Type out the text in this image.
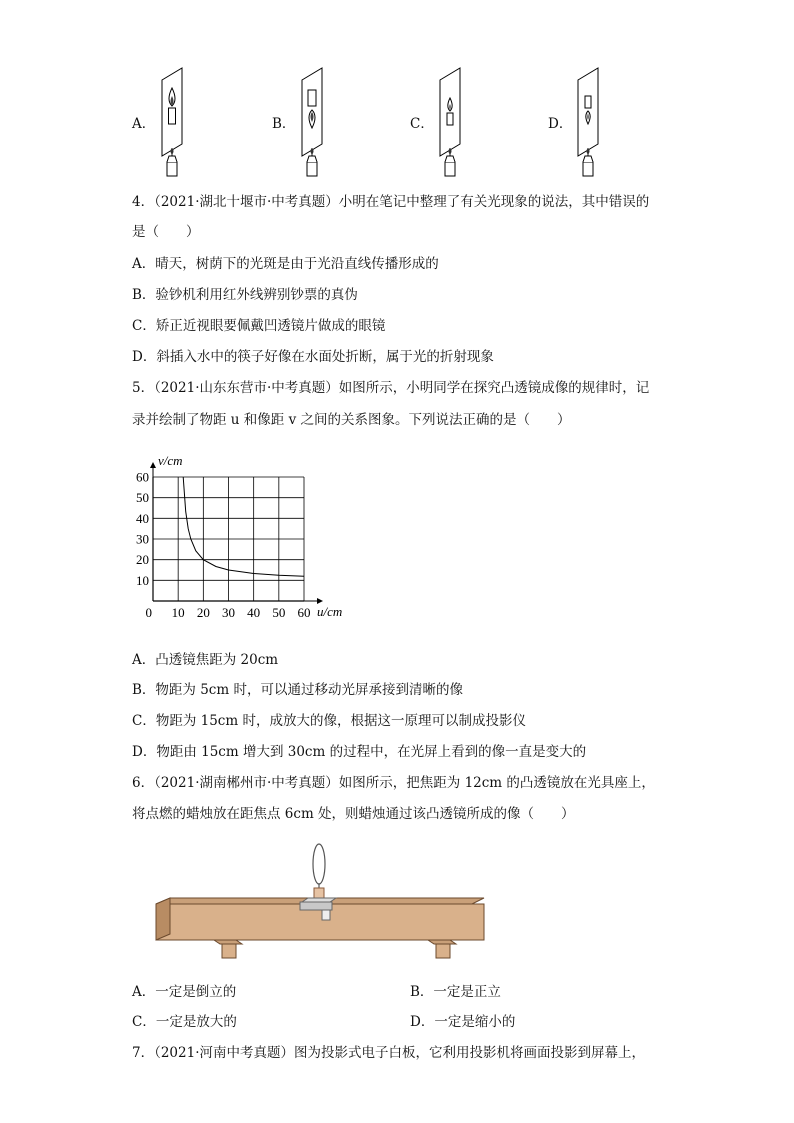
A．	B．	C．	D．
4．（2021·湖北十堰市·中考真题）小明在笔记中整理了有关光现象的说法，其中错误的
是（　　）
A．晴天，树荫下的光斑是由于光沿直线传播形成的
B．验钞机利用红外线辨别钞票的真伪
C．矫正近视眼要佩戴凹透镜片做成的眼镜
D．斜插入水中的筷子好像在水面处折断，属于光的折射现象
5．（2021·山东东营市·中考真题）如图所示，小明同学在探究凸透镜成像的规律时，记
录并绘制了物距 u 和像距 v 之间的关系图象。下列说法正确的是（　　）
10
20
30
40
50
60
0 10 20 30 40 50 60
v/cm
u/cm
A．凸透镜焦距为 20cm
B．物距为 5cm 时，可以通过移动光屏承接到清晰的像
C．物距为 15cm 时，成放大的像，根据这一原理可以制成投影仪
D．物距由 15cm 增大到 30cm 的过程中，在光屏上看到的像一直是变大的
6．（2021·湖南郴州市·中考真题）如图所示，把焦距为 12cm 的凸透镜放在光具座上，
将点燃的蜡烛放在距焦点 6cm 处，则蜡烛通过该凸透镜所成的像（　　）
A．一定是倒立的	B．一定是正立
C．一定是放大的	D．一定是缩小的
7．（2021·河南中考真题）图为投影式电子白板，它利用投影机将画面投影到屏幕上，
